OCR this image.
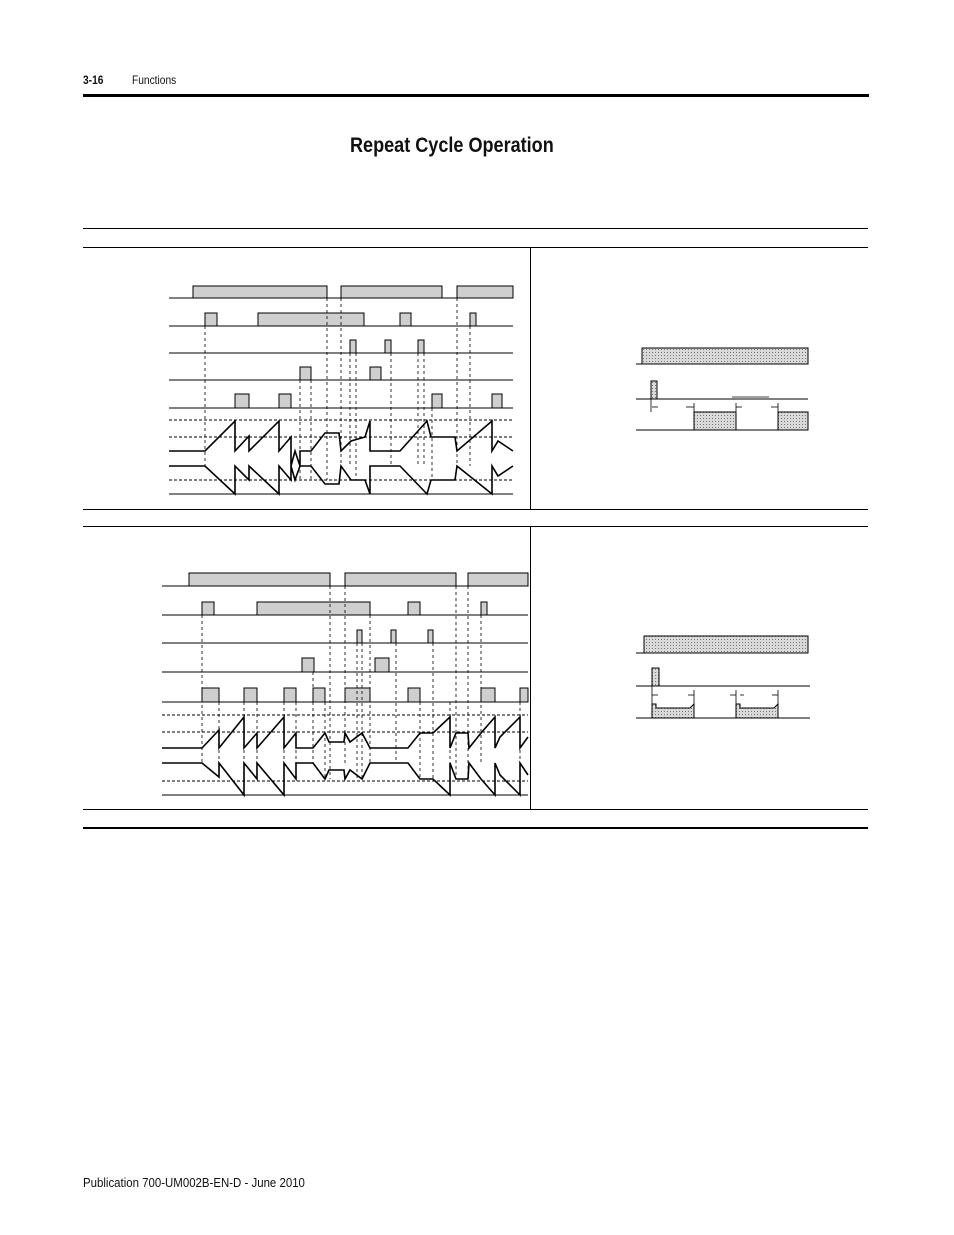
3-16 Functions
Repeat Cycle Operation
Publication 700-UM002B-EN-D - June 2010
